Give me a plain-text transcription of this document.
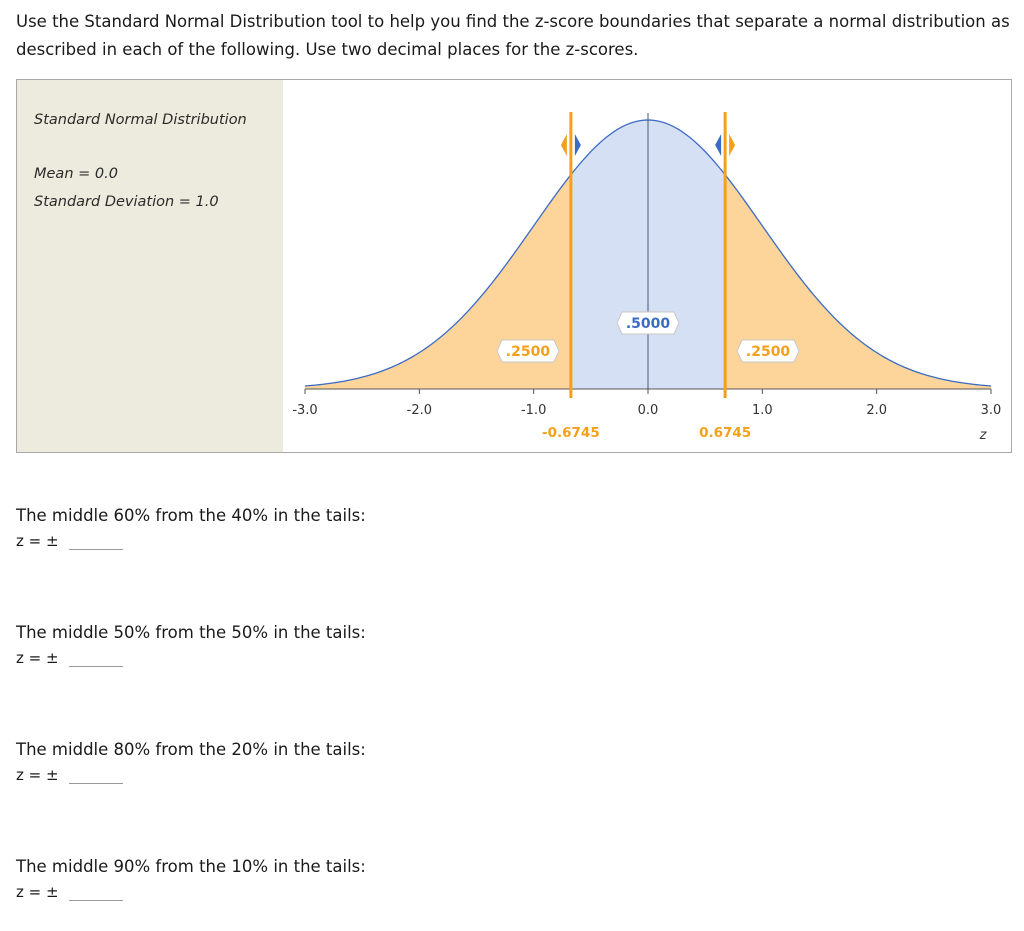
Use the Standard Normal Distribution tool to help you find the z-score boundaries that separate a normal distribution as described in each of the following. Use two decimal places for the z-scores.

Standard Normal Distribution
Mean = 0.0
Standard Deviation = 1.0
-3.0	-2.0	-1.0	0.0	1.0	2.0	3.0
z
-0.6745	0.6745
.2500
.5000
.2500
The middle 60% from the 40% in the tails:
z = ±
The middle 50% from the 50% in the tails:
z = ±
The middle 80% from the 20% in the tails:
z = ±
The middle 90% from the 10% in the tails:
z = ±
